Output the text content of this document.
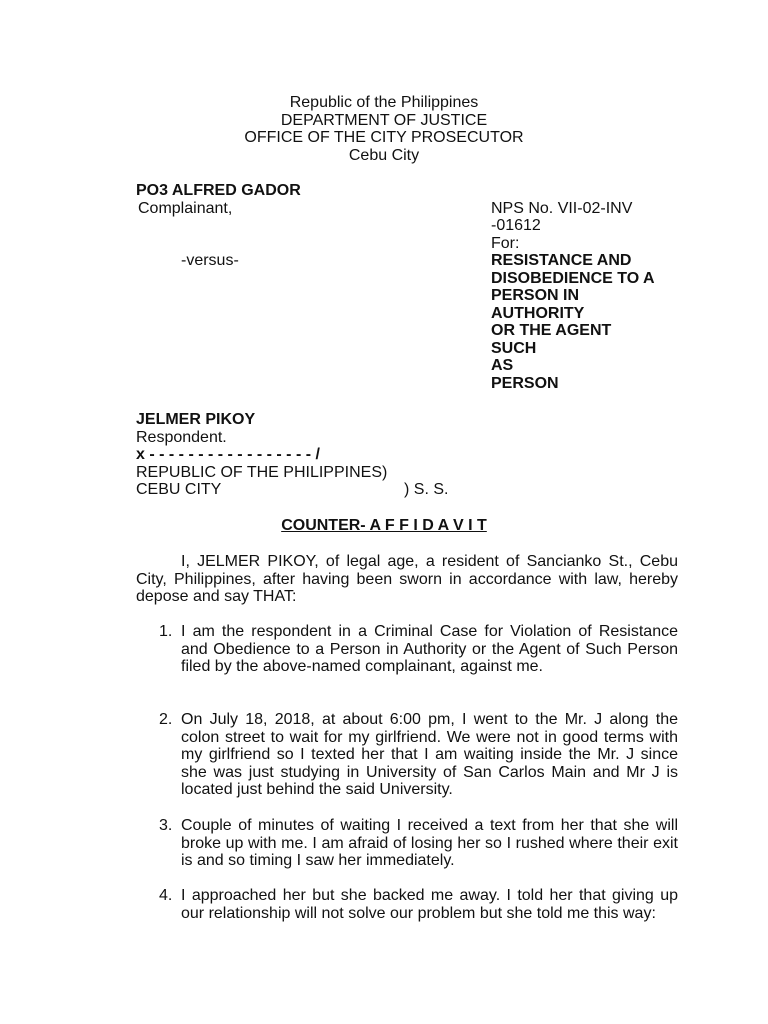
Republic of the Philippines
DEPARTMENT OF JUSTICE
OFFICE OF THE CITY PROSECUTOR
Cebu City
PO3 ALFRED GADOR
Complainant,
-versus-
NPS No. VII-02-INV
-01612
For:
RESISTANCE AND
DISOBEDIENCE TO A
PERSON IN
AUTHORITY
OR THE AGENT
SUCH
AS
PERSON
JELMER PIKOY
Respondent.
x - - - - - - - - - - - - - - - - - /
REPUBLIC OF THE PHILIPPINES)
CEBU CITY	) S. S.
COUNTER- A F F I D A V I T
I, JELMER PIKOY, of legal age, a resident of Sancianko St., Cebu City, Philippines, after having been sworn in accordance with law, hereby depose and say THAT:
1. I am the respondent in a Criminal Case for Violation of Resistance and Obedience to a Person in Authority or the Agent of Such Person filed by the above-named complainant, against me.
2. On July 18, 2018, at about 6:00 pm, I went to the Mr. J along the colon street to wait for my girlfriend. We were not in good terms with my girlfriend so I texted her that I am waiting inside the Mr. J since she was just studying in University of San Carlos Main and Mr J is located just behind the said University.
3. Couple of minutes of waiting I received a text from her that she will broke up with me. I am afraid of losing her so I rushed where their exit is and so timing I saw her immediately.
4. I approached her but she backed me away. I told her that giving up our relationship will not solve our problem but she told me this way:
